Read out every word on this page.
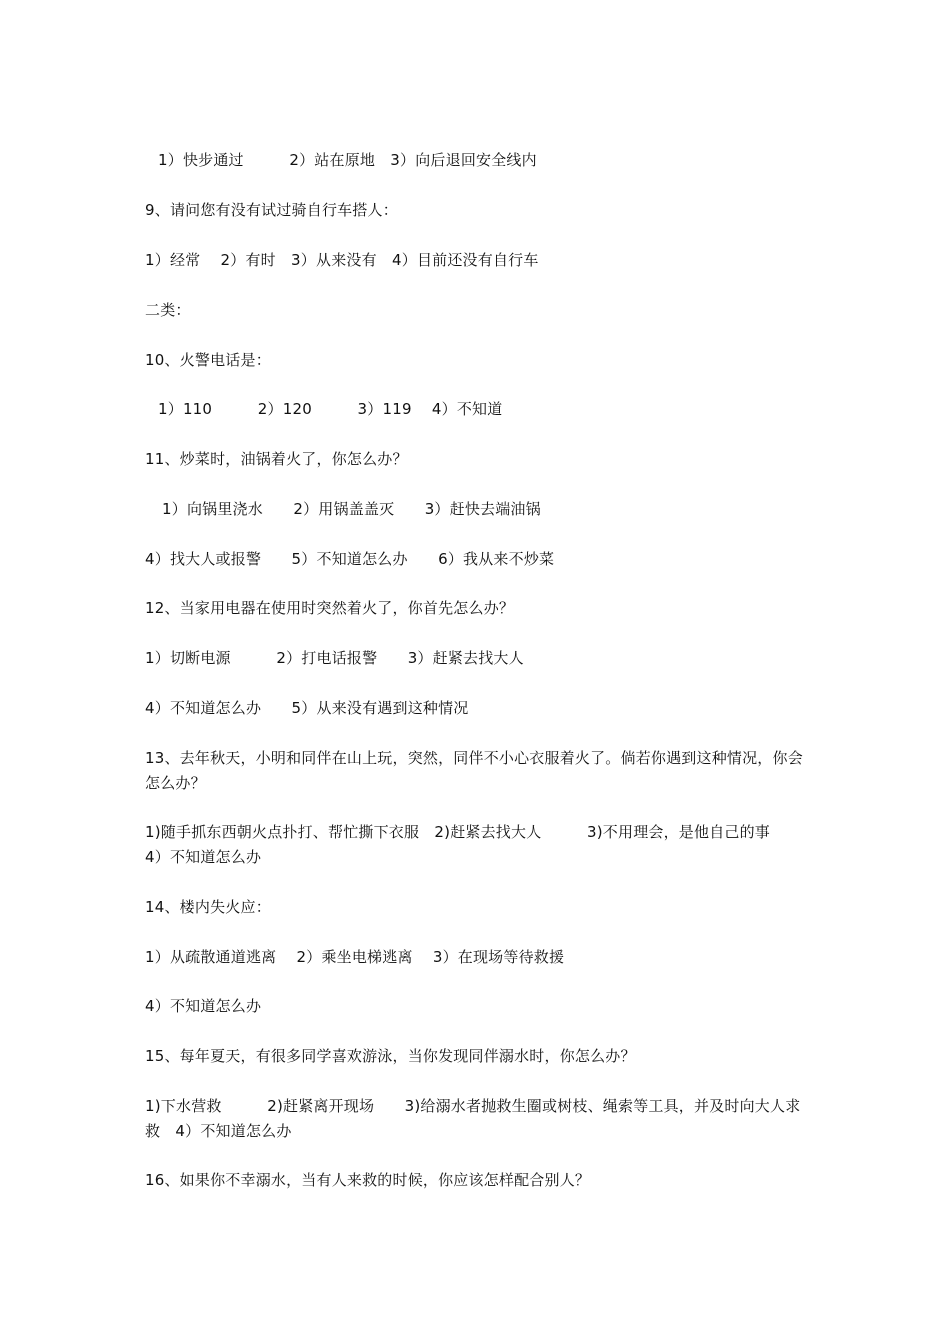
1）快步通过　　　2）站在原地　3）向后退回安全线内
9、请问您有没有试过骑自行车搭人：
1）经常　 2）有时　3）从来没有　4）目前还没有自行车
二类：
10、火警电话是：
1）110　　　2）120　　　3）119　 4）不知道
11、炒菜时，油锅着火了，你怎么办？
1）向锅里浇水　　2）用锅盖盖灭　　3）赶快去端油锅
4）找大人或报警　　5）不知道怎么办　　6）我从来不炒菜
12、当家用电器在使用时突然着火了，你首先怎么办？
1）切断电源　　　2）打电话报警　　3）赶紧去找大人
4）不知道怎么办　　5）从来没有遇到这种情况
13、去年秋天，小明和同伴在山上玩，突然，同伴不小心衣服着火了。倘若你遇到这种情况，你会怎么办？
1)随手抓东西朝火点扑打、帮忙撕下衣服　2)赶紧去找大人　　　3)不用理会，是他自己的事　　　　　4）不知道怎么办
14、楼内失火应：
1）从疏散通道逃离　 2）乘坐电梯逃离　 3）在现场等待救援
4）不知道怎么办
15、每年夏天，有很多同学喜欢游泳，当你发现同伴溺水时，你怎么办？
1)下水营救　　　2)赶紧离开现场　　3)给溺水者抛救生圈或树枝、绳索等工具，并及时向大人求救　4）不知道怎么办
16、如果你不幸溺水，当有人来救的时候，你应该怎样配合别人？
